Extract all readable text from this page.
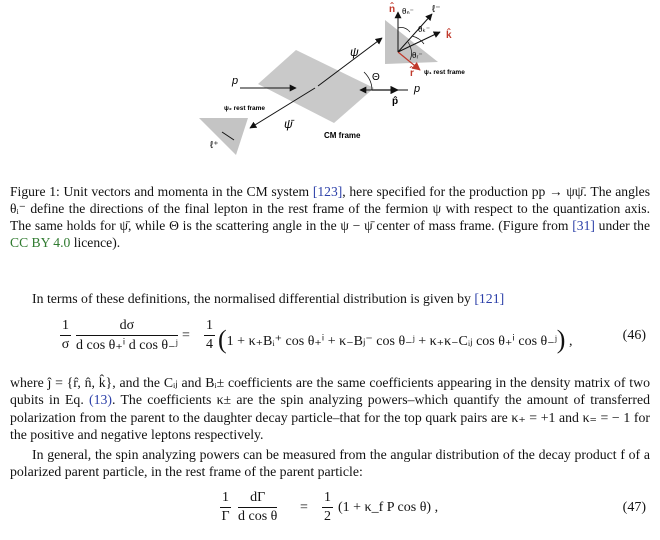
n̂ θₙ⁻ ℓ⁻
θₖ⁻
k̂
θᵣ⁻
r̂ ψ₁ rest frame
ψ
Θ
p
p
p̂
ψ̄
ψ₂ rest frame
ℓ⁺
CM frame
Figure 1: Unit vectors and momenta in the CM system [123], here specified for the production pp → ψψ̄. The angles θᵢ⁻ define the directions of the final lepton in the rest frame of the fermion ψ with respect to the quantization axis. The same holds for ψ̄, while Θ is the scattering angle in the ψ − ψ̄ center of mass frame. (Figure from [31] under the CC BY 4.0 licence).
In terms of these definitions, the normalised differential distribution is given by [121]
$\frac{1}{\sigma} \frac{d\sigma}{\text{d cos θ₊ⁱ d cos θ₋ʲ}} = \frac{1}{4} (1$ + κ₊Bᵢ⁺ cos θ₊ⁱ + κ₋Bⱼ⁻ cos θ₋ʲ + κ₊κ₋Cᵢⱼ cos θ₊ⁱ cos θ₋ʲ) ,	(46)
where ĵ = {r̂, n̂, k̂}, and the Cᵢⱼ and Bᵢ± coefficients are the same coefficients appearing in the density matrix of two qubits in Eq. (13). The coefficients κ± are the spin analyzing powers–which quantify the amount of transferred polarization from the parent to the daughter decay particle–that for the top quark pairs are κ₊ = +1 and κ₌ = − 1 for the positive and negative leptons respectively.
In general, the spin analyzing powers can be measured from the angular distribution of the decay product f of a polarized parent particle, in the rest frame of the parent particle:
$\frac{1}{\Gamma} \frac{d\Gamma}{\text{d cos θ}} = \frac{1}{2} (1$ + κ_f P cos θ) ,	(47)
